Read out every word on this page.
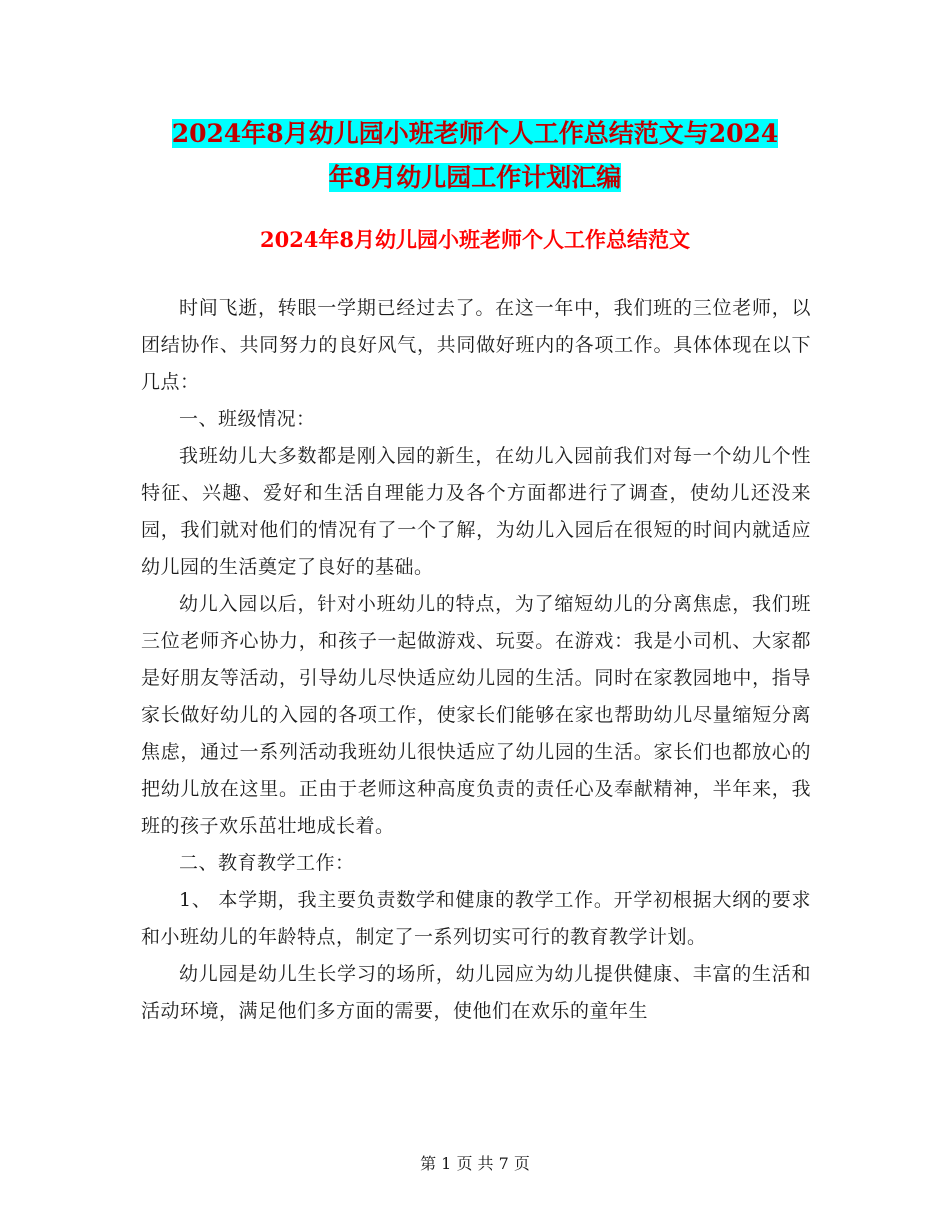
2024年8月幼儿园小班老师个人工作总结范文与2024
年8月幼儿园工作计划汇编
2024年8月幼儿园小班老师个人工作总结范文

时间飞逝，转眼一学期已经过去了。在这一年中，我们班的三位老师，以团结协作、共同努力的良好风气，共同做好班内的各项工作。具体体现在以下几点：

一、班级情况：

我班幼儿大多数都是刚入园的新生，在幼儿入园前我们对每一个幼儿个性特征、兴趣、爱好和生活自理能力及各个方面都进行了调查，使幼儿还没来园，我们就对他们的情况有了一个了解，为幼儿入园后在很短的时间内就适应幼儿园的生活奠定了良好的基础。

幼儿入园以后，针对小班幼儿的特点，为了缩短幼儿的分离焦虑，我们班三位老师齐心协力，和孩子一起做游戏、玩耍。在游戏：我是小司机、大家都是好朋友等活动，引导幼儿尽快适应幼儿园的生活。同时在家教园地中，指导家长做好幼儿的入园的各项工作，使家长们能够在家也帮助幼儿尽量缩短分离焦虑，通过一系列活动我班幼儿很快适应了幼儿园的生活。家长们也都放心的把幼儿放在这里。正由于老师这种高度负责的责任心及奉献精神，半年来，我班的孩子欢乐茁壮地成长着。

二、教育教学工作：

1、 本学期，我主要负责数学和健康的教学工作。开学初根据大纲的要求和小班幼儿的年龄特点，制定了一系列切实可行的教育教学计划。

幼儿园是幼儿生长学习的场所，幼儿园应为幼儿提供健康、丰富的生活和活动环境，满足他们多方面的需要，使他们在欢乐的童年生

第 1 页 共 7 页
